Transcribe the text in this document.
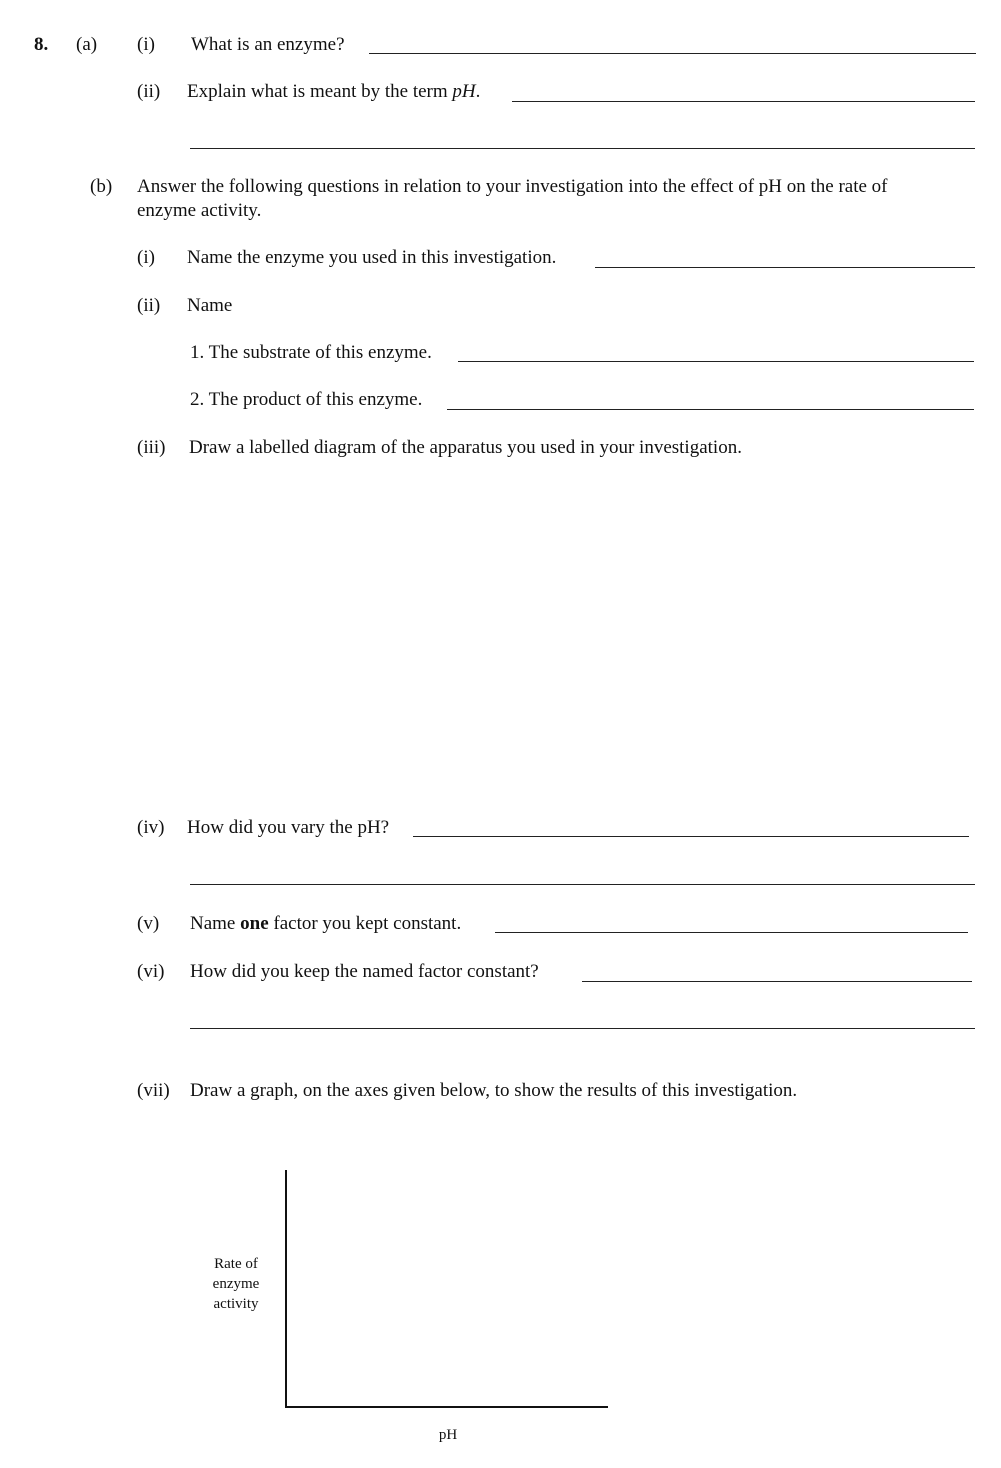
8. (a) (i) What is an enzyme?
(ii) Explain what is meant by the term pH.
(b) Answer the following questions in relation to your investigation into the effect of pH on the rate of
enzyme activity.
(i) Name the enzyme you used in this investigation.
(ii) Name
1. The substrate of this enzyme.
2. The product of this enzyme.
(iii) Draw a labelled diagram of the apparatus you used in your investigation.
(iv) How did you vary the pH?
(v) Name one factor you kept constant.
(vi) How did you keep the named factor constant?
(vii) Draw a graph, on the axes given below, to show the results of this investigation.
Rate of
enzyme
activity
pH
